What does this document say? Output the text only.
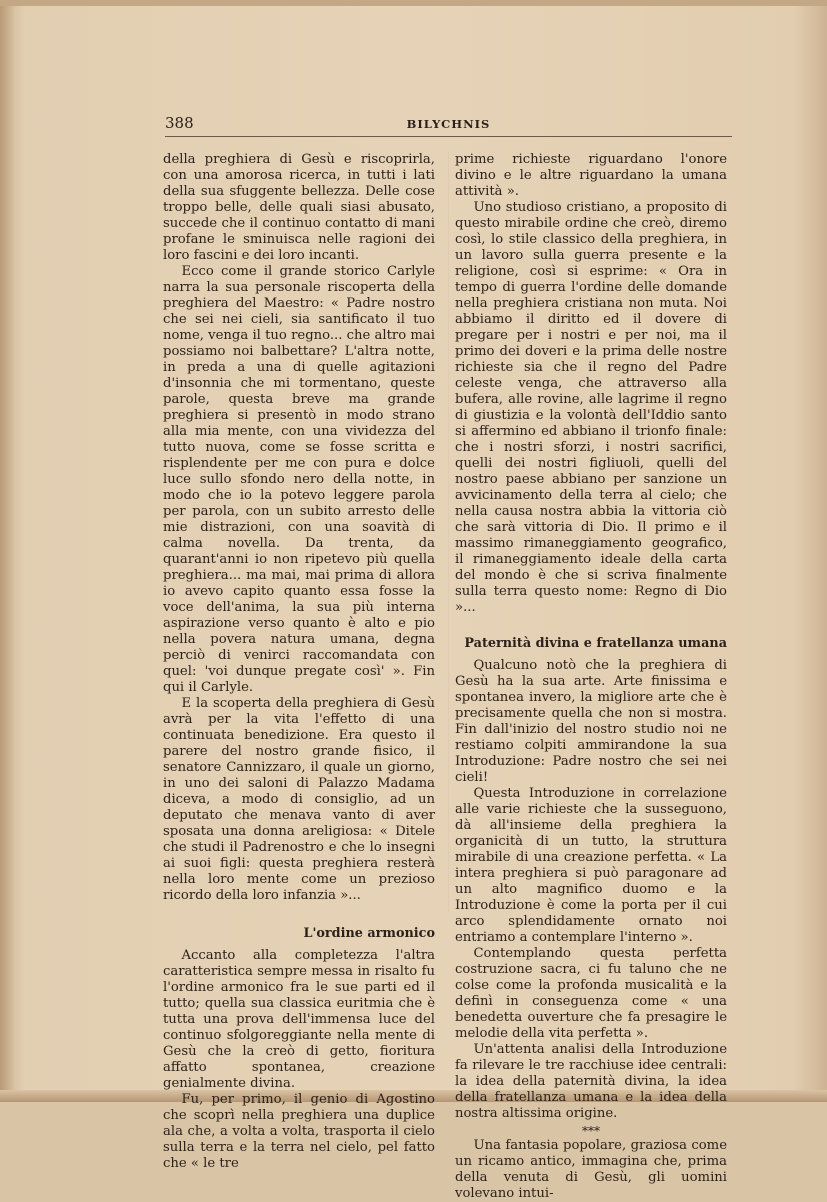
388	BILYCHNIS

della preghiera di Gesù e riscoprirla, con una amorosa ricerca, in tutti i lati della sua sfuggente bellezza. Delle cose troppo belle, delle quali siasi abusato, succede che il continuo contatto di mani profane le sminuisca nelle ragioni dei loro fascini e dei loro incanti.

Ecco come il grande storico Carlyle narra la sua personale riscoperta della preghiera del Maestro: « Padre nostro che sei nei cieli, sia santificato il tuo nome, venga il tuo regno... che altro mai possiamo noi balbettare? L'altra notte, in preda a una di quelle agitazioni d'insonnia che mi tormentano, queste parole, questa breve ma grande preghiera si presentò in modo strano alla mia mente, con una vividezza del tutto nuova, come se fosse scritta e risplendente per me con pura e dolce luce sullo sfondo nero della notte, in modo che io la potevo leggere parola per parola, con un subito arresto delle mie distrazioni, con una soavità di calma novella. Da trenta, da quarant'anni io non ripetevo più quella preghiera... ma mai, mai prima di allora io avevo capito quanto essa fosse la voce dell'anima, la sua più interna aspirazione verso quanto è alto e pio nella povera natura umana, degna perciò di venirci raccomandata con quel: 'voi dunque pregate così' ». Fin qui il Carlyle.

E la scoperta della preghiera di Gesù avrà per la vita l'effetto di una continuata benedizione. Era questo il parere del nostro grande fisico, il senatore Cannizzaro, il quale un giorno, in uno dei saloni di Palazzo Madama diceva, a modo di consiglio, ad un deputato che menava vanto di aver sposata una donna areligiosa: « Ditele che studi il Padrenostro e che lo insegni ai suoi figli: questa preghiera resterà nella loro mente come un prezioso ricordo della loro infanzia »...

L'ordine armonico

Accanto alla completezza l'altra caratteristica sempre messa in risalto fu l'ordine armonico fra le sue parti ed il tutto; quella sua classica euritmia che è tutta una prova dell'immensa luce del continuo sfolgoreggiante nella mente di Gesù che la creò di getto, fioritura affatto spontanea, creazione genialmente divina.

Fu, per primo, il genio di Agostino che scoprì nella preghiera una duplice ala che, a volta a volta, trasporta il cielo sulla terra e la terra nel cielo, pel fatto che « le tre

prime richieste riguardano l'onore divino e le altre riguardano la umana attività ».

Uno studioso cristiano, a proposito di questo mirabile ordine che creò, diremo così, lo stile classico della preghiera, in un lavoro sulla guerra presente e la religione, così si esprime: « Ora in tempo di guerra l'ordine delle domande nella preghiera cristiana non muta. Noi abbiamo il diritto ed il dovere di pregare per i nostri e per noi, ma il primo dei doveri e la prima delle nostre richieste sia che il regno del Padre celeste venga, che attraverso alla bufera, alle rovine, alle lagrime il regno di giustizia e la volontà dell'Iddio santo si affermino ed abbiano il trionfo finale: che i nostri sforzi, i nostri sacrifici, quelli dei nostri figliuoli, quelli del nostro paese abbiano per sanzione un avvicinamento della terra al cielo; che nella causa nostra abbia la vittoria ciò che sarà vittoria di Dio. Il primo e il massimo rimaneggiamento geografico, il rimaneggiamento ideale della carta del mondo è che si scriva finalmente sulla terra questo nome: Regno di Dio »...

Paternità divina e fratellanza umana

Qualcuno notò che la preghiera di Gesù ha la sua arte. Arte finissima e spontanea invero, la migliore arte che è precisamente quella che non si mostra. Fin dall'inizio del nostro studio noi ne restiamo colpiti ammirandone la sua Introduzione: Padre nostro che sei nei cieli!

Questa Introduzione in correlazione alle varie richieste che la susseguono, dà all'insieme della preghiera la organicità di un tutto, la struttura mirabile di una creazione perfetta. « La intera preghiera si può paragonare ad un alto magnifico duomo e la Introduzione è come la porta per il cui arco splendidamente ornato noi entriamo a contemplare l'interno ».

Contemplando questa perfetta costruzione sacra, ci fu taluno che ne colse come la profonda musicalità e la definì in conseguenza come « una benedetta ouverture che fa presagire le melodie della vita perfetta ».

Un'attenta analisi della Introduzione fa rilevare le tre racchiuse idee centrali: la idea della paternità divina, la idea della fratellanza umana e la idea della nostra altissima origine.

***

Una fantasia popolare, graziosa come un ricamo antico, immagina che, prima della venuta di Gesù, gli uomini volevano intui-
